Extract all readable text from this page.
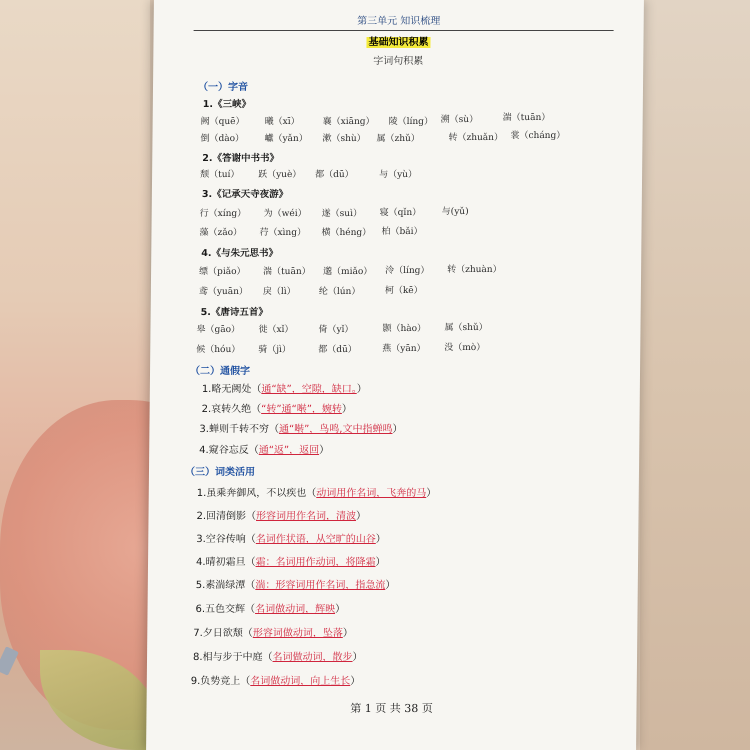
第三单元 知识梳理
基础知识积累
字词句积累
（一）字音
1.《三峡》
阙（quē） 曦（xī）	襄（xiāng） 陵（líng） 溯（sù）	湍（tuān）
倒（dào） 巘（yǎn） 漱（shù） 属（zhǔ）	转（zhuǎn） 裳（cháng）
2.《答谢中书书》
颓（tuí） 跃（yuè） 都（dū）	与（yù）
3.《记承天寺夜游》
行（xíng） 为（wéi） 遂（suì） 寝（qǐn） 与(yǔ)
藻（zǎo） 荇（xìng） 横（héng） 柏（bǎi）
4.《与朱元思书》
缥（piǎo） 湍（tuān） 邈（miǎo） 泠（líng） 转（zhuàn）
鸢（yuān） 戾（lì）	纶（lún）	柯（kē）
5.《唐诗五首》
皋（gāo） 徙（xǐ）	倚（yǐ）	颢（hào） 属（shǔ）
候（hóu） 骑（jì）	都（dū）	燕（yān） 没（mò）
（二）通假字
1.略无阙处（通“缺”，空隙，缺口。）
2.哀转久绝（“转”通“啭”，婉转）
3.蝉则千转不穷（通“啭”，鸟鸣,文中指蝉鸣）
4.窥谷忘反（通“返”，返回）
（三）词类活用
1.虽乘奔御风，不以疾也（动词用作名词，飞奔的马）
2.回清倒影（形容词用作名词，清波）
3.空谷传响（名词作状语，从空旷的山谷）
4.晴初霜旦（霜：名词用作动词，将降霜）
5.素湍绿潭（湍：形容词用作名词，指急流）
6.五色交辉（名词做动词，辉映）
7.夕日欲颓（形容词做动词，坠落）
8.相与步于中庭（名词做动词，散步）
9.负势竞上（名词做动词，向上生长）
第 1 页 共 38 页
